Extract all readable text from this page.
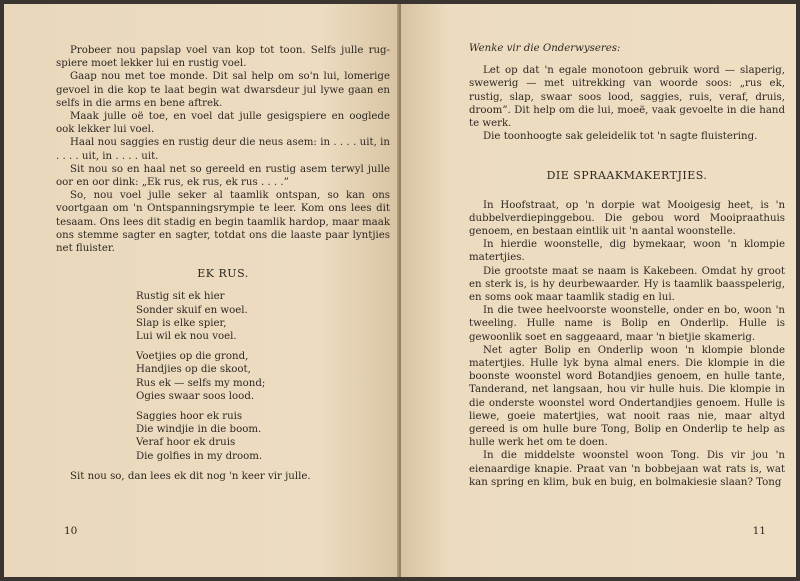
Probeer nou papslap voel van kop tot toon. Selfs julle rugspiere moet lekker lui en rustig voel.

Gaap nou met toe monde. Dit sal help om so'n lui, lomerige gevoel in die kop te laat begin wat dwarsdeur jul lywe gaan en selfs in die arms en bene aftrek.

Maak julle oë toe, en voel dat julle gesigspiere en ooglede ook lekker lui voel.

Haal nou saggies en rustig deur die neus asem: in . . . . uit, in . . . . uit, in . . . . uit.

Sit nou so en haal net so gereeld en rustig asem terwyl julle oor en oor dink: „Ek rus, ek rus, ek rus . . . .”

So, nou voel julle seker al taamlik ontspan, so kan ons voortgaan om 'n Ontspanningsrympie te leer. Kom ons lees dit tesaam. Ons lees dit stadig en begin taamlik hardop, maar maak ons stemme sagter en sagter, totdat ons die laaste paar lyntjies net fluister.

EK RUS.
Rustig sit ek hier
Sonder skuif en woel.
Slap is elke spier,
Lui wil ek nou voel.
Voetjies op die grond,
Handjies op die skoot,
Rus ek — selfs my mond;
Ogies swaar soos lood.
Saggies hoor ek ruis
Die windjie in die boom.
Veraf hoor ek druis
Die golfies in my droom.

Sit nou so, dan lees ek dit nog 'n keer vir julle.

10

Wenke vir die Onderwyseres:

Let op dat 'n egale monotoon gebruik word — slaperig, swewerig — met uitrekking van woorde soos: „rus ek, rustig, slap, swaar soos lood, saggies, ruis, veraf, druis, droom”. Dit help om die lui, moeë, vaak gevoelte in die hand te werk.

Die toonhoogte sak geleidelik tot 'n sagte fluistering.

DIE SPRAAKMAKERTJIES.

In Hoofstraat, op 'n dorpie wat Mooigesig heet, is 'n dubbelverdiepinggebou. Die gebou word Mooipraathuis genoem, en bestaan eintlik uit 'n aantal woonstelle.

In hierdie woonstelle, dig bymekaar, woon 'n klompie matertjies.

Die grootste maat se naam is Kakebeen. Omdat hy groot en sterk is, is hy deurbewaarder. Hy is taamlik baasspelerig, en soms ook maar taamlik stadig en lui.

In die twee heelvoorste woonstelle, onder en bo, woon 'n tweeling. Hulle name is Bolip en Onderlip. Hulle is gewoonlik soet en saggeaard, maar 'n bietjie skamerig.

Net agter Bolip en Onderlip woon 'n klompie blonde matertjies. Hulle lyk byna almal eners. Die klompie in die boonste woonstel word Botandjies genoem, en hulle tante, Tanderand, net langsaan, hou vir hulle huis. Die klompie in die onderste woonstel word Ondertandjies genoem. Hulle is liewe, goeie matertjies, wat nooit raas nie, maar altyd gereed is om hulle bure Tong, Bolip en Onderlip te help as hulle werk het om te doen.

In die middelste woonstel woon Tong. Dis vir jou 'n eienaardige knapie. Praat van 'n bobbejaan wat rats is, wat kan spring en klim, buk en buig, en bolmakiesie slaan? Tong

11
